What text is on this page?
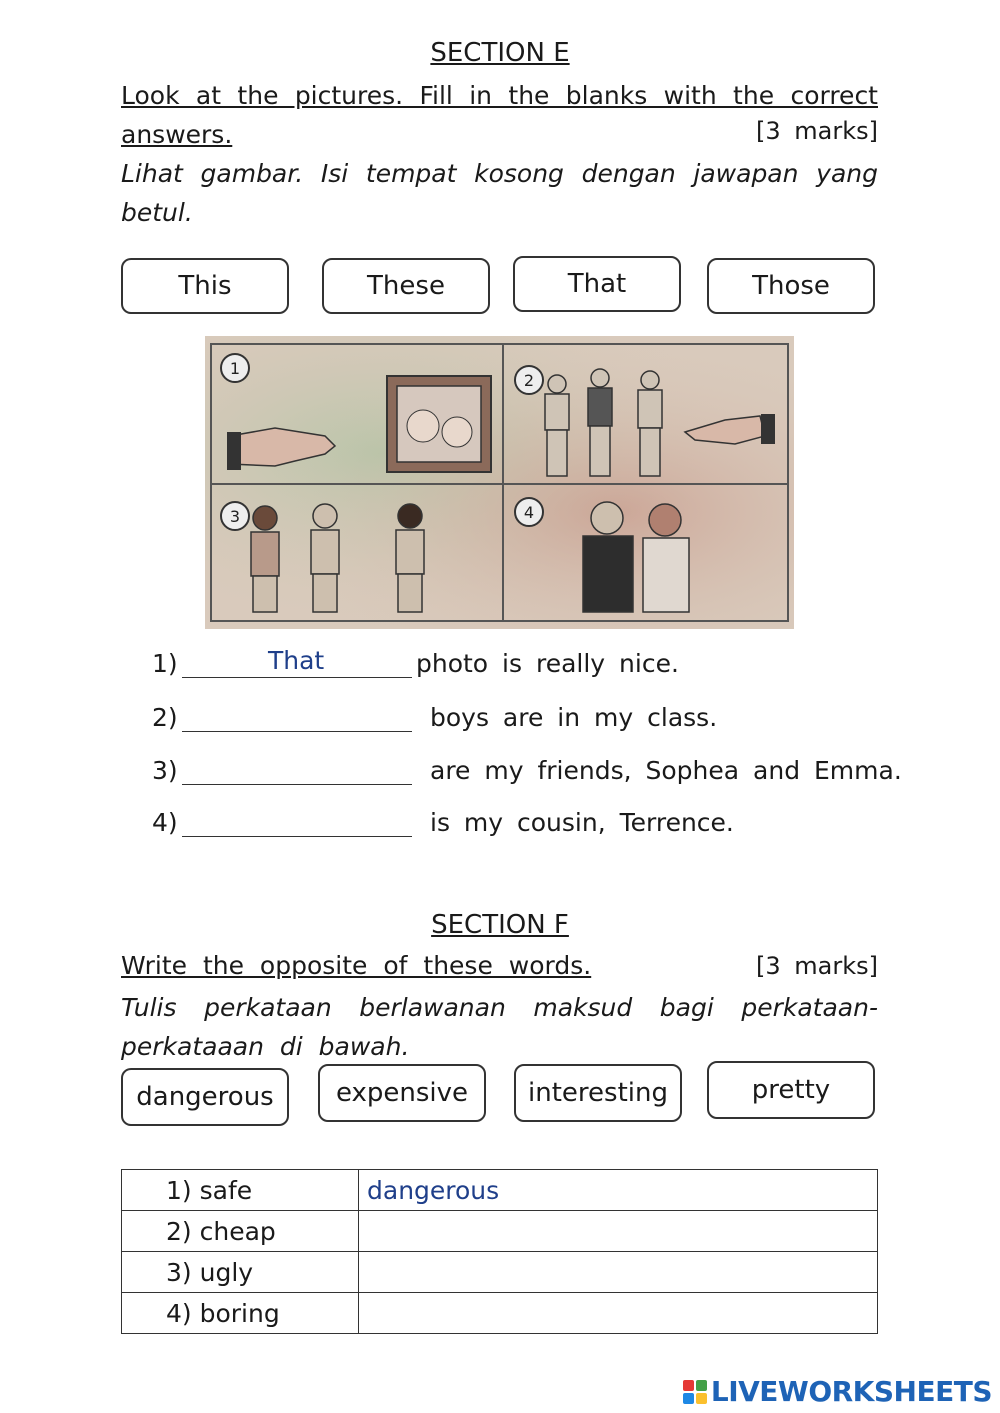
SECTION E
Look at the pictures. Fill in the blanks with the correct answers.	[3 marks]
Lihat gambar. Isi tempat kosong dengan jawapan yang betul.
This	These	That	Those
1
2
3	4
1)	That	photo is really nice.
2)	boys are in my class.
3)	are my friends, Sophea and Emma.
4)	is my cousin, Terrence.
SECTION F
Write the opposite of these words.	[3 marks]
Tulis perkataan berlawanan maksud bagi perkataan-perkataaan di bawah.
dangerous	expensive	interesting	pretty
1) safe	dangerous
2) cheap	
3) ugly	
4) boring	
LIVEWORKSHEETS
